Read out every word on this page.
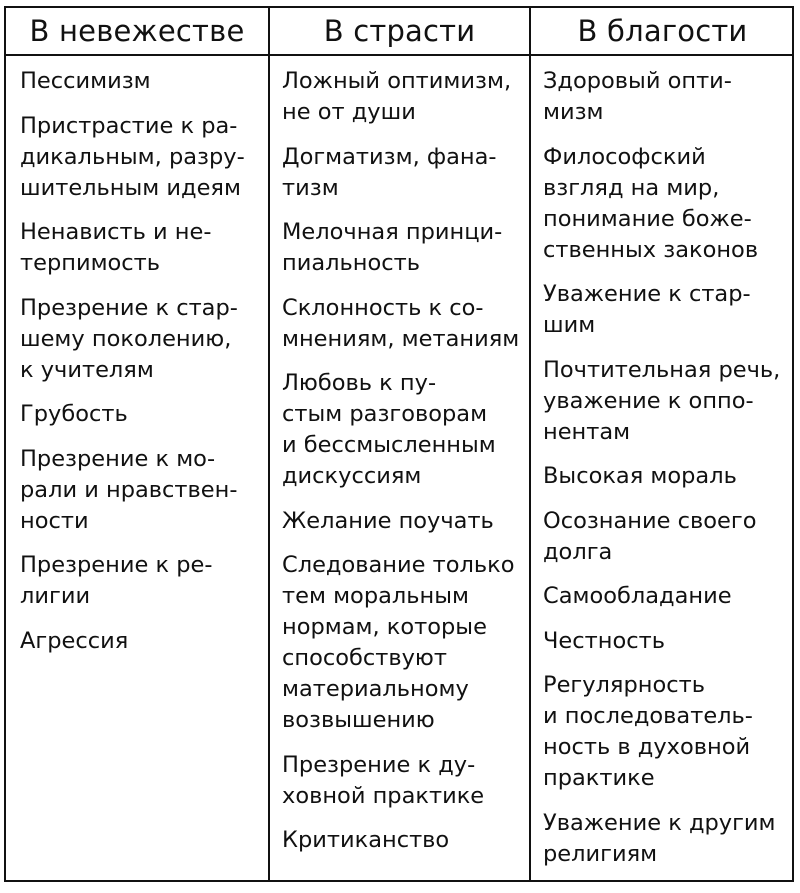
В невежестве	В страсти	В благости
Пессимизм
Пристрастие к ра-
дикальным, разру-
шительным идеям
Ненависть и не-
терпимость
Презрение к стар-
шему поколению,
к учителям
Грубость
Презрение к мо-
рали и нравствен-
ности
Презрение к ре-
лигии
Агрессия
Ложный оптимизм,
не от души
Догматизм, фана-
тизм
Мелочная принци-
пиальность
Склонность к со-
мнениям, метаниям
Любовь к пу-
стым разговорам
и бессмысленным
дискуссиям
Желание поучать
Следование только
тем моральным
нормам, которые
способствуют
материальному
возвышению
Презрение к ду-
ховной практике
Критиканство
Здоровый опти-
мизм
Философский
взгляд на мир,
понимание боже-
ственных законов
Уважение к стар-
шим
Почтительная речь,
уважение к оппо-
нентам
Высокая мораль
Осознание своего
долга
Самообладание
Честность
Регулярность
и последователь-
ность в духовной
практике
Уважение к другим
религиям
